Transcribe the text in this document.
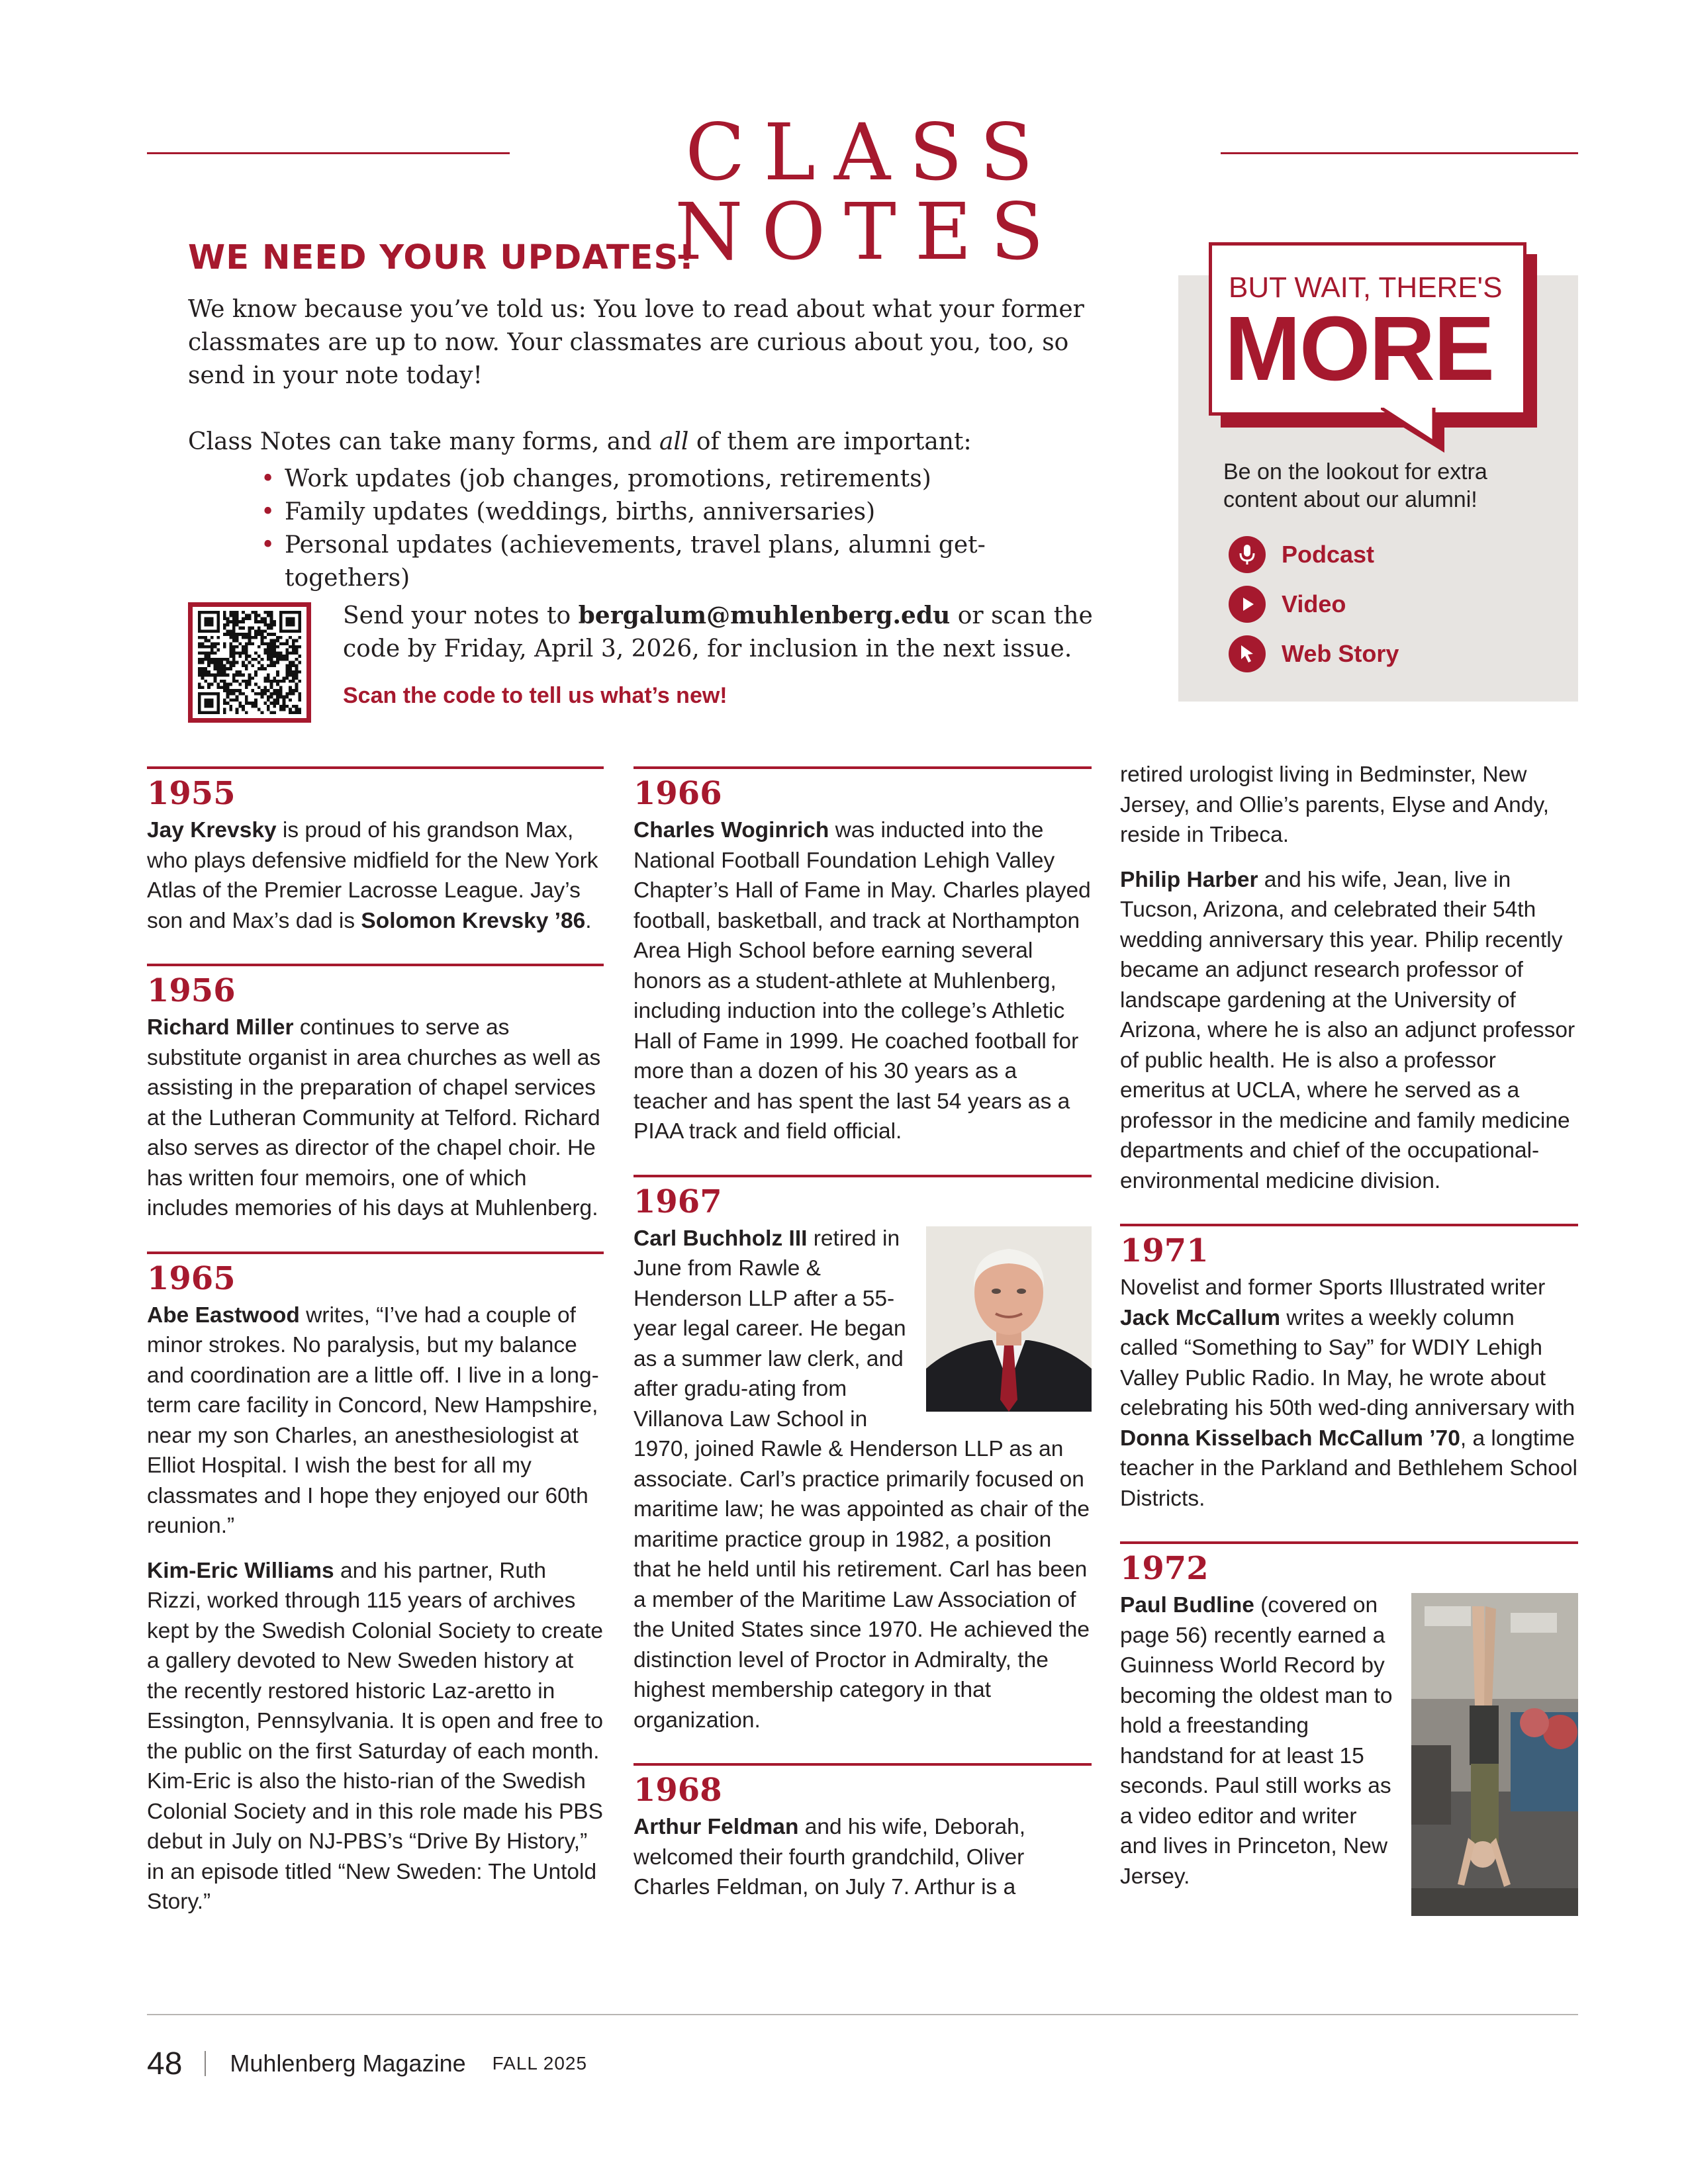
CLASS NOTES
WE NEED YOUR UPDATES!

We know because you’ve told us: You love to read about what your former classmates are up to now. Your classmates are curious about you, too, so send in your note today!

Class Notes can take many forms, and all of them are important:

• Work updates (job changes, promotions, retirements)
• Family updates (weddings, births, anniversaries)
• Personal updates (achievements, travel plans, alumni get-togethers)

Send your notes to bergalum@muhlenberg.edu or scan the code by Friday, April 3, 2026, for inclusion in the next issue.

Scan the code to tell us what’s new!

BUT WAIT, THERE'S
MORE

Be on the lookout for extra content about our alumni!

Podcast
Video
Web Story
1955

Jay Krevsky is proud of his grandson Max, who plays defensive midfield for the New York Atlas of the Premier Lacrosse League. Jay’s son and Max’s dad is Solomon Krevsky ’86.

1956

Richard Miller continues to serve as substitute organist in area churches as well as assisting in the preparation of chapel services at the Lutheran Community at Telford. Richard also serves as director of the chapel choir. He has written four memoirs, one of which includes memories of his days at Muhlenberg.

1965

Abe Eastwood writes, “I’ve had a couple of minor strokes. No paralysis, but my balance and coordination are a little off. I live in a long-term care facility in Concord, New Hampshire, near my son Charles, an anesthesiologist at Elliot Hospital. I wish the best for all my classmates and I hope they enjoyed our 60th reunion.”

Kim-Eric Williams and his partner, Ruth Rizzi, worked through 115 years of archives kept by the Swedish Colonial Society to create a gallery devoted to New Sweden history at the recently restored historic Laz-aretto in Essington, Pennsylvania. It is open and free to the public on the first Saturday of each month. Kim-Eric is also the histo-rian of the Swedish Colonial Society and in this role made his PBS debut in July on NJ-PBS’s “Drive By History,” in an episode titled “New Sweden: The Untold Story.”

1966

Charles Woginrich was inducted into the National Football Foundation Lehigh Valley Chapter’s Hall of Fame in May. Charles played football, basketball, and track at Northampton Area High School before earning several honors as a student-athlete at Muhlenberg, including induction into the college’s Athletic Hall of Fame in 1999. He coached football for more than a dozen of his 30 years as a teacher and has spent the last 54 years as a PIAA track and field official.

1967

Carl Buchholz III retired in June from Rawle & Henderson LLP after a 55-year legal career. He began as a summer law clerk, and after gradu-ating from Villanova Law School in 1970, joined Rawle & Henderson LLP as an associate. Carl’s practice primarily focused on maritime law; he was appointed as chair of the maritime practice group in 1982, a position that he held until his retirement. Carl has been a member of the Maritime Law Association of the United States since 1970. He achieved the distinction level of Proctor in Admiralty, the highest membership category in that organization.

1968

Arthur Feldman and his wife, Deborah, welcomed their fourth grandchild, Oliver Charles Feldman, on July 7. Arthur is a

retired urologist living in Bedminster, New Jersey, and Ollie’s parents, Elyse and Andy, reside in Tribeca.

Philip Harber and his wife, Jean, live in Tucson, Arizona, and celebrated their 54th wedding anniversary this year. Philip recently became an adjunct research professor of landscape gardening at the University of Arizona, where he is also an adjunct professor of public health. He is also a professor emeritus at UCLA, where he served as a professor in the medicine and family medicine departments and chief of the occupational-environmental medicine division.

1971

Novelist and former Sports Illustrated writer Jack McCallum writes a weekly column called “Something to Say” for WDIY Lehigh Valley Public Radio. In May, he wrote about celebrating his 50th wed-ding anniversary with Donna Kisselbach McCallum ’70, a longtime teacher in the Parkland and Bethlehem School Districts.

1972

Paul Budline (covered on page 56) recently earned a Guinness World Record by becoming the oldest man to hold a freestanding handstand for at least 15 seconds. Paul still works as a video editor and writer and lives in Princeton, New Jersey.

48 Muhlenberg Magazine FALL 2025
